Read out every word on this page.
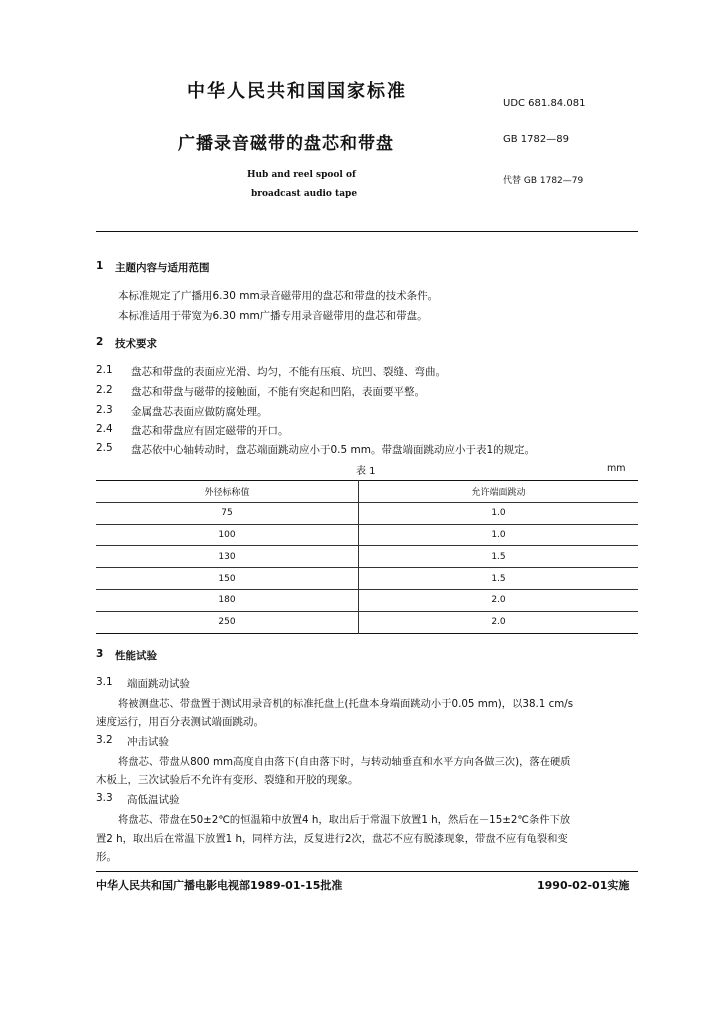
中华人民共和国国家标准
UDC 681.84.081
广播录音磁带的盘芯和带盘	GB 1782—89
Hub and reel spool of
broadcast audio tape
代替 GB 1782—79
1 主题内容与适用范围
本标准规定了广播用6.30 mm录音磁带用的盘芯和带盘的技术条件。
本标准适用于带宽为6.30 mm广播专用录音磁带用的盘芯和带盘。
2 技术要求
2.1 盘芯和带盘的表面应光滑、均匀，不能有压痕、坑凹、裂缝、弯曲。
2.2 盘芯和带盘与磁带的接触面，不能有突起和凹陷，表面要平整。
2.3 金属盘芯表面应做防腐处理。
2.4 盘芯和带盘应有固定磁带的开口。
2.5 盘芯依中心轴转动时，盘芯端面跳动应小于0.5 mm。带盘端面跳动应小于表1的规定。
表 1	mm
外径标称值	允许端面跳动
75	1.0
100	1.0
130	1.5
150	1.5
180	2.0
250	2.0
3 性能试验
3.1 端面跳动试验
将被测盘芯、带盘置于测试用录音机的标准托盘上(托盘本身端面跳动小于0.05 mm)，以38.1 cm/s
速度运行，用百分表测试端面跳动。
3.2 冲击试验
将盘芯、带盘从800 mm高度自由落下(自由落下时，与转动轴垂直和水平方向各做三次)，落在硬质
木板上，三次试验后不允许有变形、裂缝和开胶的现象。
3.3 高低温试验
将盘芯、带盘在50±2℃的恒温箱中放置4 h，取出后于常温下放置1 h，然后在－15±2℃条件下放
置2 h，取出后在常温下放置1 h，同样方法，反复进行2次，盘芯不应有脱漆现象，带盘不应有龟裂和变
形。
中华人民共和国广播电影电视部1989-01-15批准	1990-02-01实施
